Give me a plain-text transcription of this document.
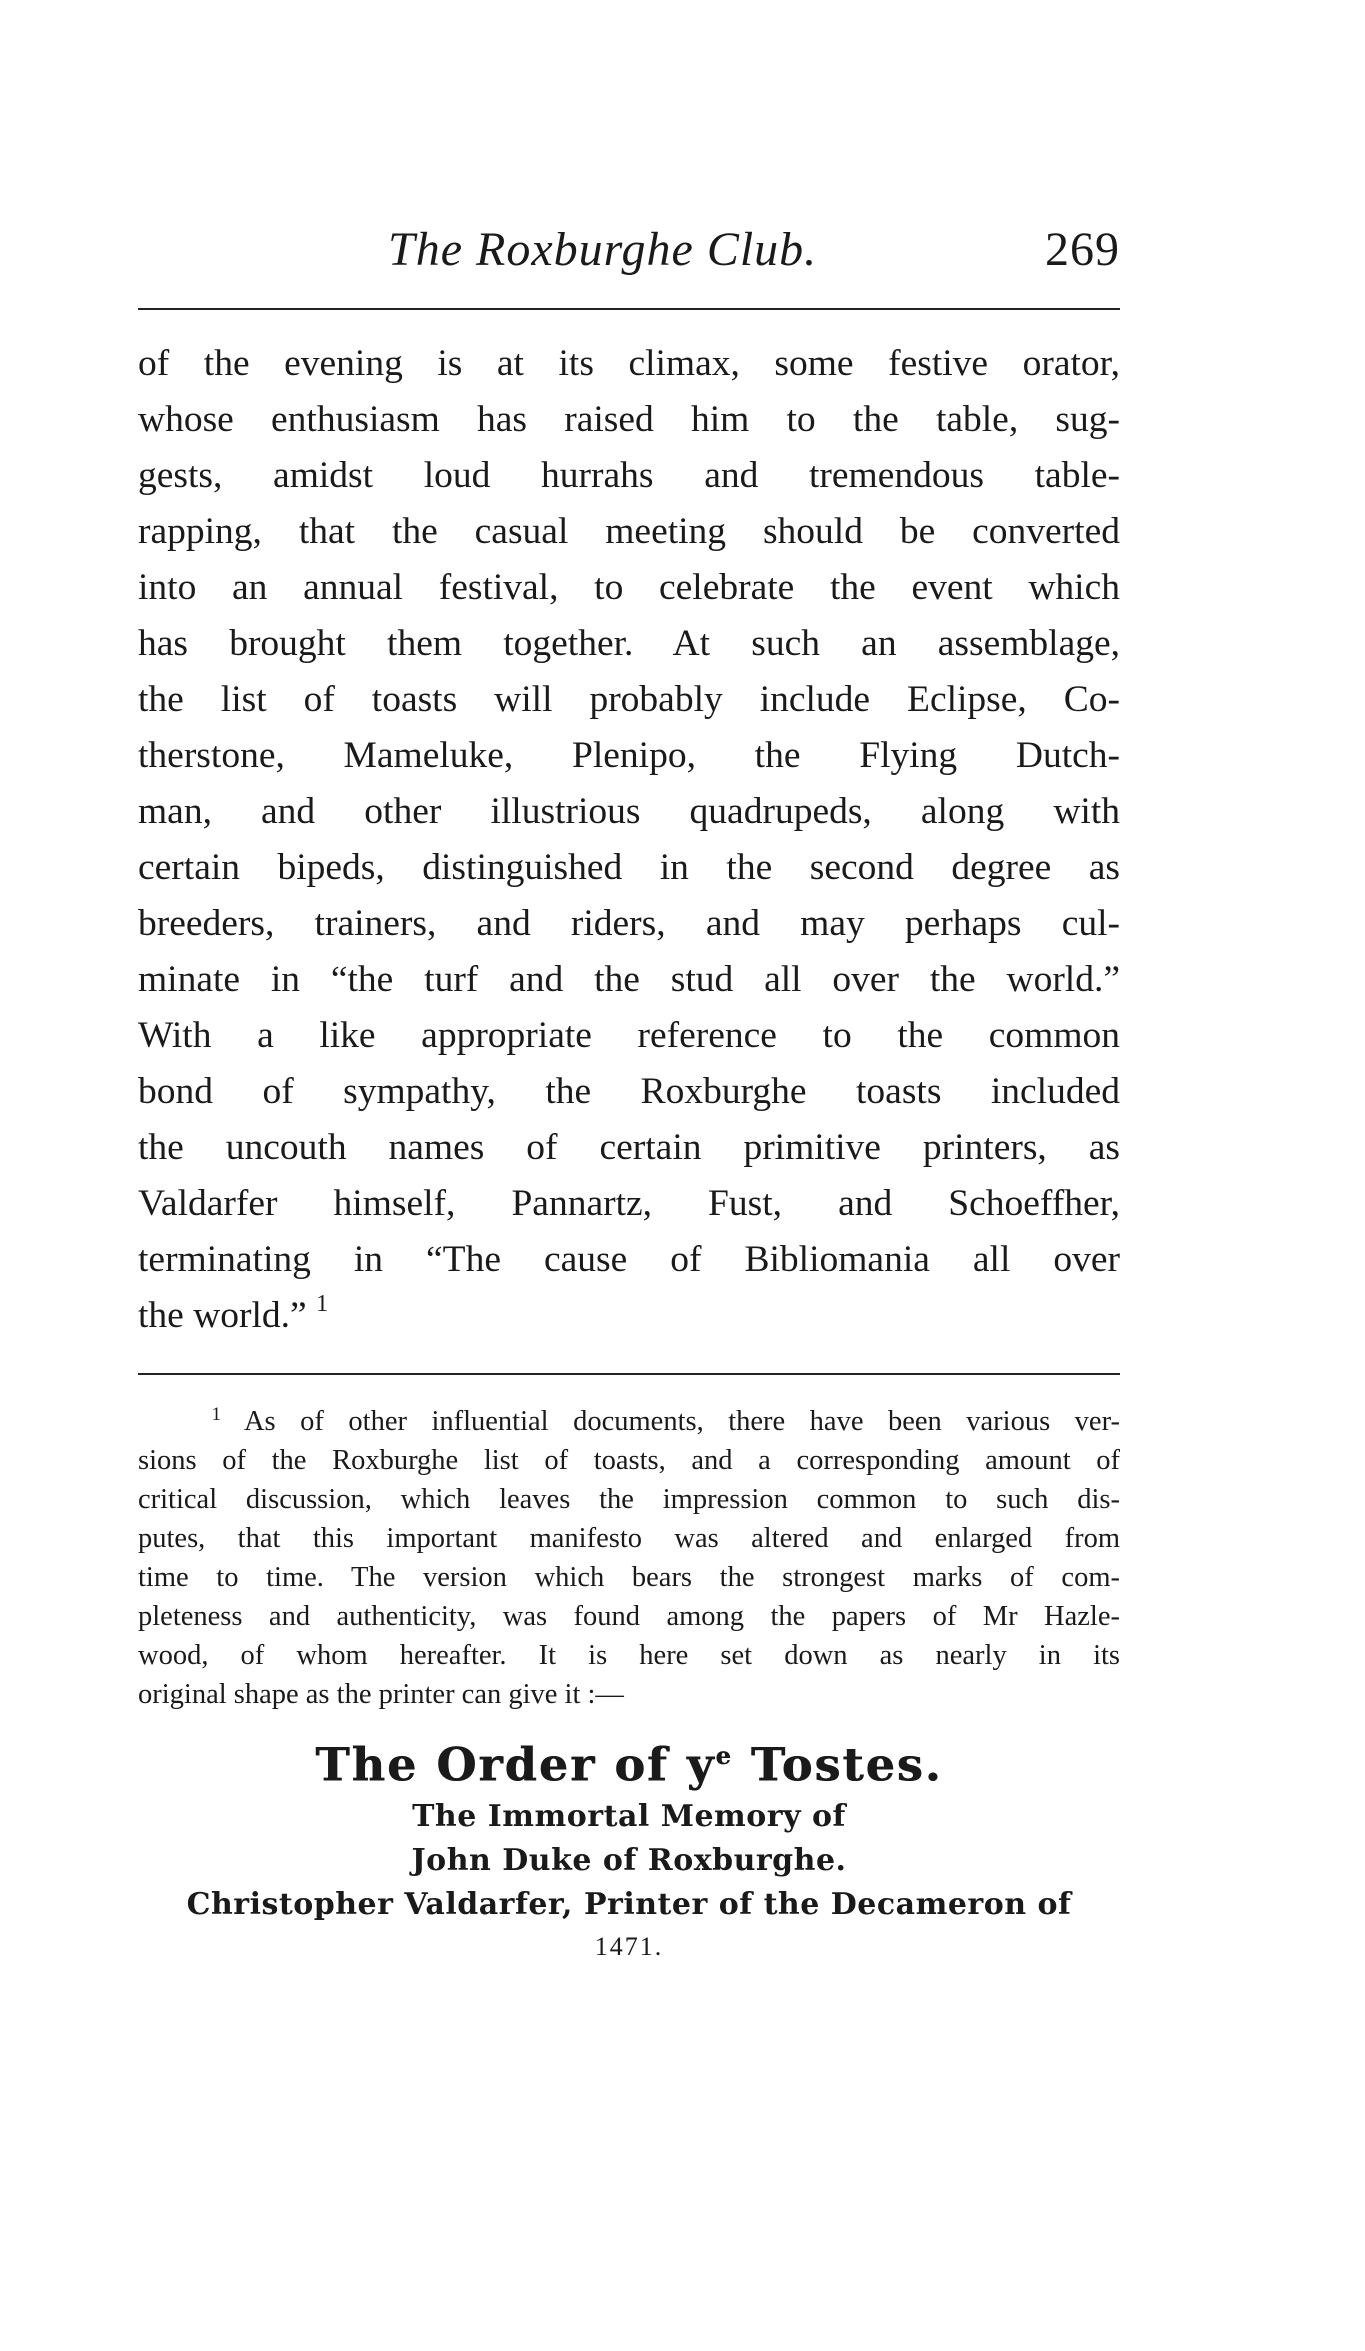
The Roxburghe Club.	269
of the evening is at its climax, some festive orator,
whose enthusiasm has raised him to the table, sug-
gests, amidst loud hurrahs and tremendous table-
rapping, that the casual meeting should be converted
into an annual festival, to celebrate the event which
has brought them together. At such an assemblage,
the list of toasts will probably include Eclipse, Co-
therstone, Mameluke, Plenipo, the Flying Dutch-
man, and other illustrious quadrupeds, along with
certain bipeds, distinguished in the second degree as
breeders, trainers, and riders, and may perhaps cul-
minate in “the turf and the stud all over the world.”
With a like appropriate reference to the common
bond of sympathy, the Roxburghe toasts included
the uncouth names of certain primitive printers, as
Valdarfer himself, Pannartz, Fust, and Schoeffher,
terminating in “The cause of Bibliomania all over
the world.” $^1$
$^1$ As of other influential documents, there have been various ver-
sions of the Roxburghe list of toasts, and a corresponding amount of
critical discussion, which leaves the impression common to such dis-
putes, that this important manifesto was altered and enlarged from
time to time. The version which bears the strongest marks of com-
pleteness and authenticity, was found among the papers of Mr Hazle-
wood, of whom hereafter. It is here set down as nearly in its
original shape as the printer can give it :—
The Order of $y^e$ Tostes.
The Immortal Memory of
John Duke of Roxburghe.
Christopher Valdarfer, Printer of the Decameron of
1471.
